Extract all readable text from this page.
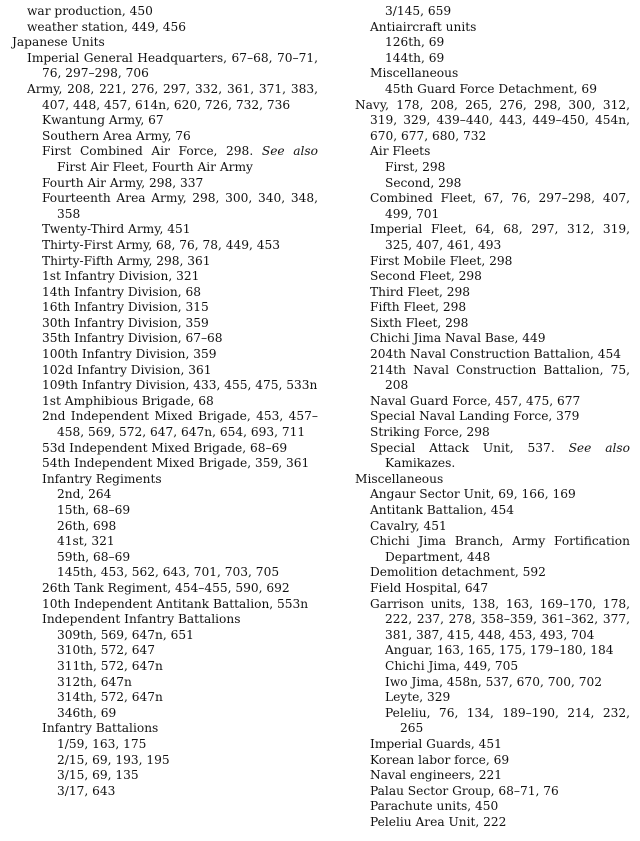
war production, 450
weather station, 449, 456
Japanese Units
Imperial General Headquarters, 67–68, 70–71, 76, 297–298, 706
Army, 208, 221, 276, 297, 332, 361, 371, 383, 407, 448, 457, 614n, 620, 726, 732, 736
Kwantung Army, 67
Southern Area Army, 76
First Combined Air Force, 298. See also First Air Fleet, Fourth Air Army
Fourth Air Army, 298, 337
Fourteenth Area Army, 298, 300, 340, 348, 358
Twenty-Third Army, 451
Thirty-First Army, 68, 76, 78, 449, 453
Thirty-Fifth Army, 298, 361
1st Infantry Division, 321
14th Infantry Division, 68
16th Infantry Division, 315
30th Infantry Division, 359
35th Infantry Division, 67–68
100th Infantry Division, 359
102d Infantry Division, 361
109th Infantry Division, 433, 455, 475, 533n
1st Amphibious Brigade, 68
2nd Independent Mixed Brigade, 453, 457–458, 569, 572, 647, 647n, 654, 693, 711
53d Independent Mixed Brigade, 68–69
54th Independent Mixed Brigade, 359, 361
Infantry Regiments
2nd, 264
15th, 68–69
26th, 698
41st, 321
59th, 68–69
145th, 453, 562, 643, 701, 703, 705
26th Tank Regiment, 454–455, 590, 692
10th Independent Antitank Battalion, 553n
Independent Infantry Battalions
309th, 569, 647n, 651
310th, 572, 647
311th, 572, 647n
312th, 647n
314th, 572, 647n
346th, 69
Infantry Battalions
1/59, 163, 175
2/15, 69, 193, 195
3/15, 69, 135
3/17, 643
3/145, 659
Antiaircraft units
126th, 69
144th, 69
Miscellaneous
45th Guard Force Detachment, 69
Navy, 178, 208, 265, 276, 298, 300, 312, 319, 329, 439–440, 443, 449–450, 454n, 670, 677, 680, 732
Air Fleets
First, 298
Second, 298
Combined Fleet, 67, 76, 297–298, 407, 499, 701
Imperial Fleet, 64, 68, 297, 312, 319, 325, 407, 461, 493
First Mobile Fleet, 298
Second Fleet, 298
Third Fleet, 298
Fifth Fleet, 298
Sixth Fleet, 298
Chichi Jima Naval Base, 449
204th Naval Construction Battalion, 454
214th Naval Construction Battalion, 75, 208
Naval Guard Force, 457, 475, 677
Special Naval Landing Force, 379
Striking Force, 298
Special Attack Unit, 537. See also Kamikazes.
Miscellaneous
Angaur Sector Unit, 69, 166, 169
Antitank Battalion, 454
Cavalry, 451
Chichi Jima Branch, Army Fortification Department, 448
Demolition detachment, 592
Field Hospital, 647
Garrison units, 138, 163, 169–170, 178, 222, 237, 278, 358–359, 361–362, 377, 381, 387, 415, 448, 453, 493, 704
Anguar, 163, 165, 175, 179–180, 184
Chichi Jima, 449, 705
Iwo Jima, 458n, 537, 670, 700, 702
Leyte, 329
Peleliu, 76, 134, 189–190, 214, 232, 265
Imperial Guards, 451
Korean labor force, 69
Naval engineers, 221
Palau Sector Group, 68–71, 76
Parachute units, 450
Peleliu Area Unit, 222
